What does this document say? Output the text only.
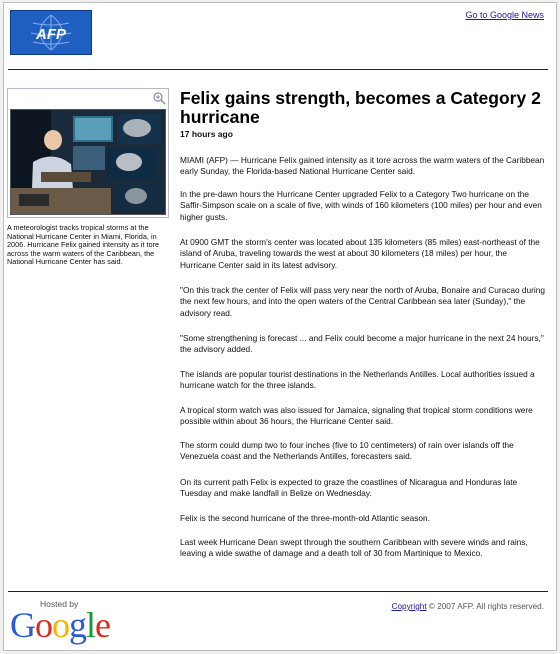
AFP
Go to Google News
A meteorologist tracks tropical storms at the National Hurricane Center in Miami, Florida, in 2006. Hurricane Felix gained intensity as it tore across the warm waters of the Caribbean, the National Hurricane Center has said.
Felix gains strength, becomes a Category 2 hurricane
17 hours ago

MIAMI (AFP) — Hurricane Felix gained intensity as it tore across the warm waters of the Caribbean early Sunday, the Florida-based National Hurricane Center said.

In the pre-dawn hours the Hurricane Center upgraded Felix to a Category Two hurricane on the Saffir-Simpson scale on a scale of five, with winds of 160 kilometers (100 miles) per hour and even higher gusts.

At 0900 GMT the storm's center was located about 135 kilometers (85 miles) east-northeast of the island of Aruba, traveling towards the west at about 30 kilometers (18 miles) per hour, the Hurricane Center said in its latest advisory.

"On this track the center of Felix will pass very near the north of Aruba, Bonaire and Curacao during the next few hours, and into the open waters of the Central Caribbean sea later (Sunday)," the advisory read.

"Some strengthening is forecast ... and Felix could become a major hurricane in the next 24 hours," the advisory added.

The islands are popular tourist destinations in the Netherlands Antilles. Local authorities issued a hurricane watch for the three islands.

A tropical storm watch was also issued for Jamaica, signaling that tropical storm conditions were possible within about 36 hours, the Hurricane Center said.

The storm could dump two to four inches (five to 10 centimeters) of rain over islands off the Venezuela coast and the Netherlands Antilles, forecasters said.

On its current path Felix is expected to graze the coastlines of Nicaragua and Honduras late Tuesday and make landfall in Belize on Wednesday.

Felix is the second hurricane of the three-month-old Atlantic season.

Last week Hurricane Dean swept through the southern Caribbean with severe winds and rains, leaving a wide swathe of damage and a death toll of 30 from Martinique to Mexico.

Hosted by
Google	Copyright © 2007 AFP. All rights reserved.
